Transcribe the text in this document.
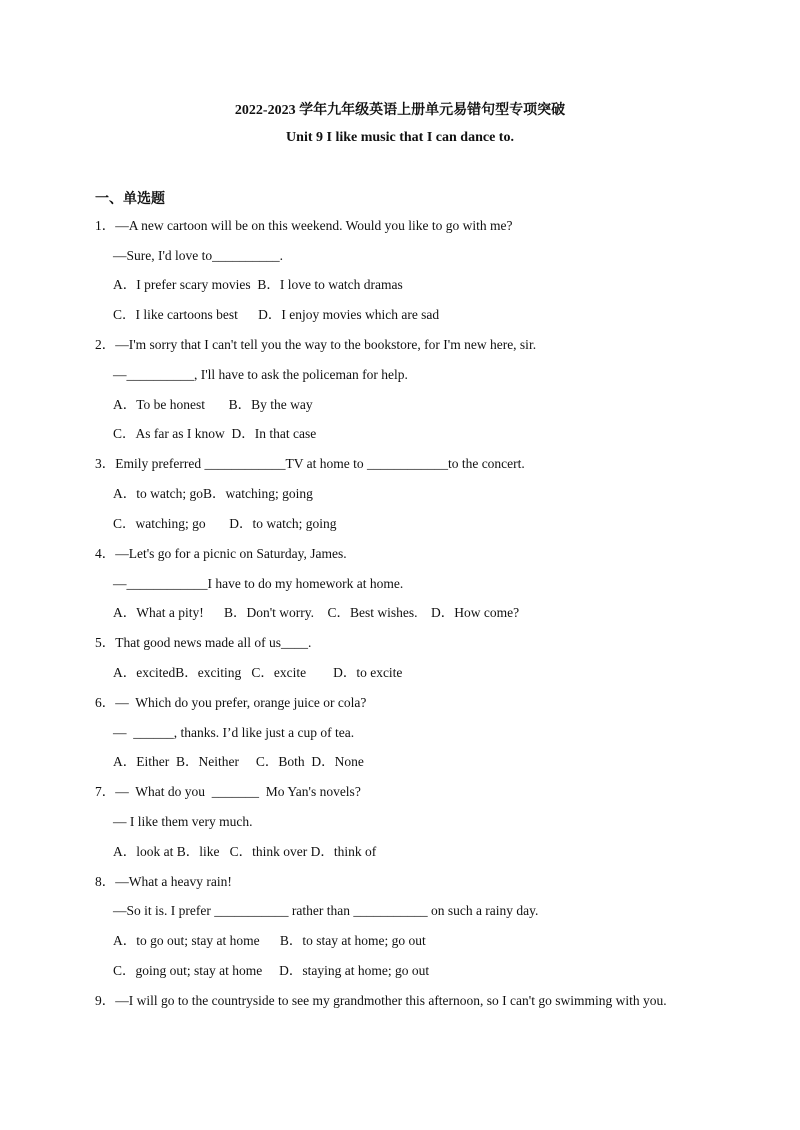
2022-2023 学年九年级英语上册单元易错句型专项突破
Unit 9 I like music that I can dance to.
一、单选题
1．—A new cartoon will be on this weekend. Would you like to go with me?
—Sure, I'd love to__________.
A．I prefer scary movies  B．I love to watch dramas
C．I like cartoons best      D．I enjoy movies which are sad
2．—I'm sorry that I can't tell you the way to the bookstore, for I'm new here, sir.
—__________, I'll have to ask the policeman for help.
A．To be honest       B．By the way
C．As far as I know  D．In that case
3．Emily preferred ____________TV at home to ____________to the concert.
A．to watch; goB．watching; going
C．watching; go       D．to watch; going
4．—Let's go for a picnic on Saturday, James.
—____________I have to do my homework at home.
A．What a pity!      B．Don't worry.    C．Best wishes.    D．How come?
5．That good news made all of us____.
A．excitedB．exciting   C．excite        D．to excite
6．—  Which do you prefer, orange juice or cola?
—  ______, thanks. I’d like just a cup of tea.
A．Either  B．Neither     C．Both  D．None
7．—  What do you  _______  Mo Yan's novels?
— I like them very much.
A．look at B．like   C．think over D．think of
8．—What a heavy rain!
—So it is. I prefer ___________ rather than ___________ on such a rainy day.
A．to go out; stay at home      B．to stay at home; go out
C．going out; stay at home     D．staying at home; go out
9．—I will go to the countryside to see my grandmother this afternoon, so I can't go swimming with you.
